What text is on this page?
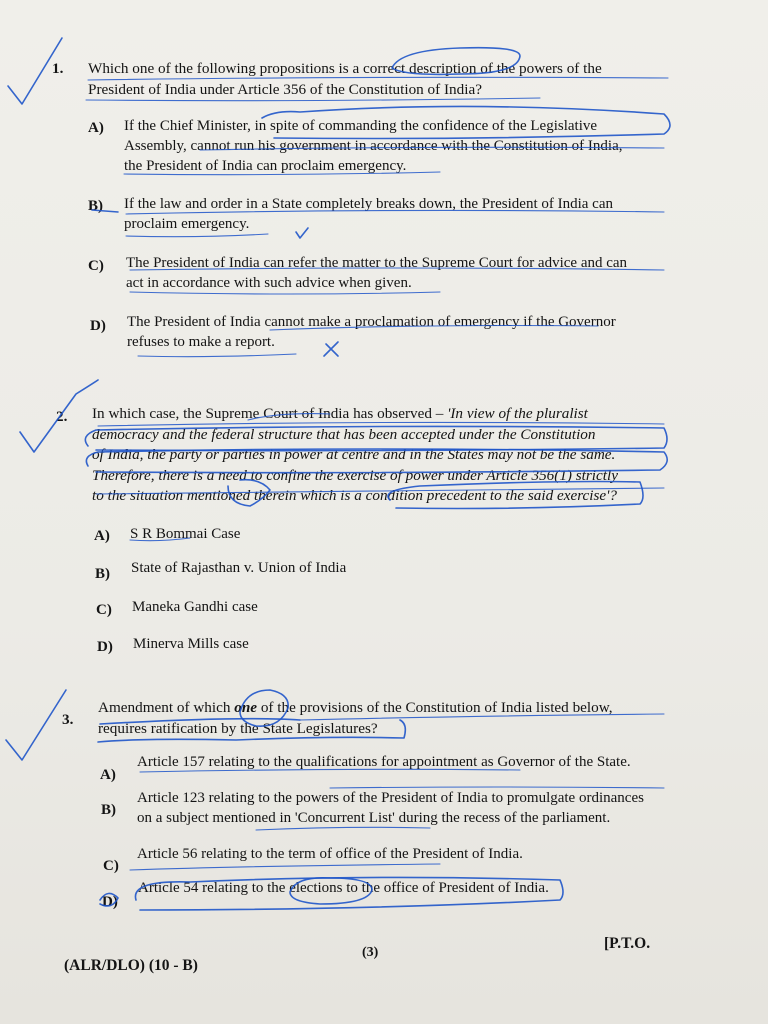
1. Which one of the following propositions is a correct description of the powers of the
President of India under Article 356 of the Constitution of India?
A) If the Chief Minister, in spite of commanding the confidence of the Legislative
Assembly, cannot run his government in accordance with the Constitution of India,
the President of India can proclaim emergency.
B) If the law and order in a State completely breaks down, the President of India can
proclaim emergency.
C) The President of India can refer the matter to the Supreme Court for advice and can
act in accordance with such advice when given.
D) The President of India cannot make a proclamation of emergency if the Governor
refuses to make a report.
2. In which case, the Supreme Court of India has observed – 'In view of the pluralist
democracy and the federal structure that has been accepted under the Constitution
of India, the party or parties in power at centre and in the States may not be the same.
Therefore, there is a need to confine the exercise of power under Article 356(1) strictly
to the situation mentioned therein which is a condition precedent to the said exercise'?
A) S R Bommai Case
B) State of Rajasthan v. Union of India
C) Maneka Gandhi case
D) Minerva Mills case
3.
Amendment of which one of the provisions of the Constitution of India listed below,
requires ratification by the State Legislatures?
A)
Article 157 relating to the qualifications for appointment as Governor of the State.
B)
Article 123 relating to the powers of the President of India to promulgate ordinances
on a subject mentioned in 'Concurrent List' during the recess of the parliament.
C)
Article 56 relating to the term of office of the President of India.
D)
Article 54 relating to the elections to the office of President of India.
(3)
[P.T.O.
(ALR/DLO) (10 - B)
